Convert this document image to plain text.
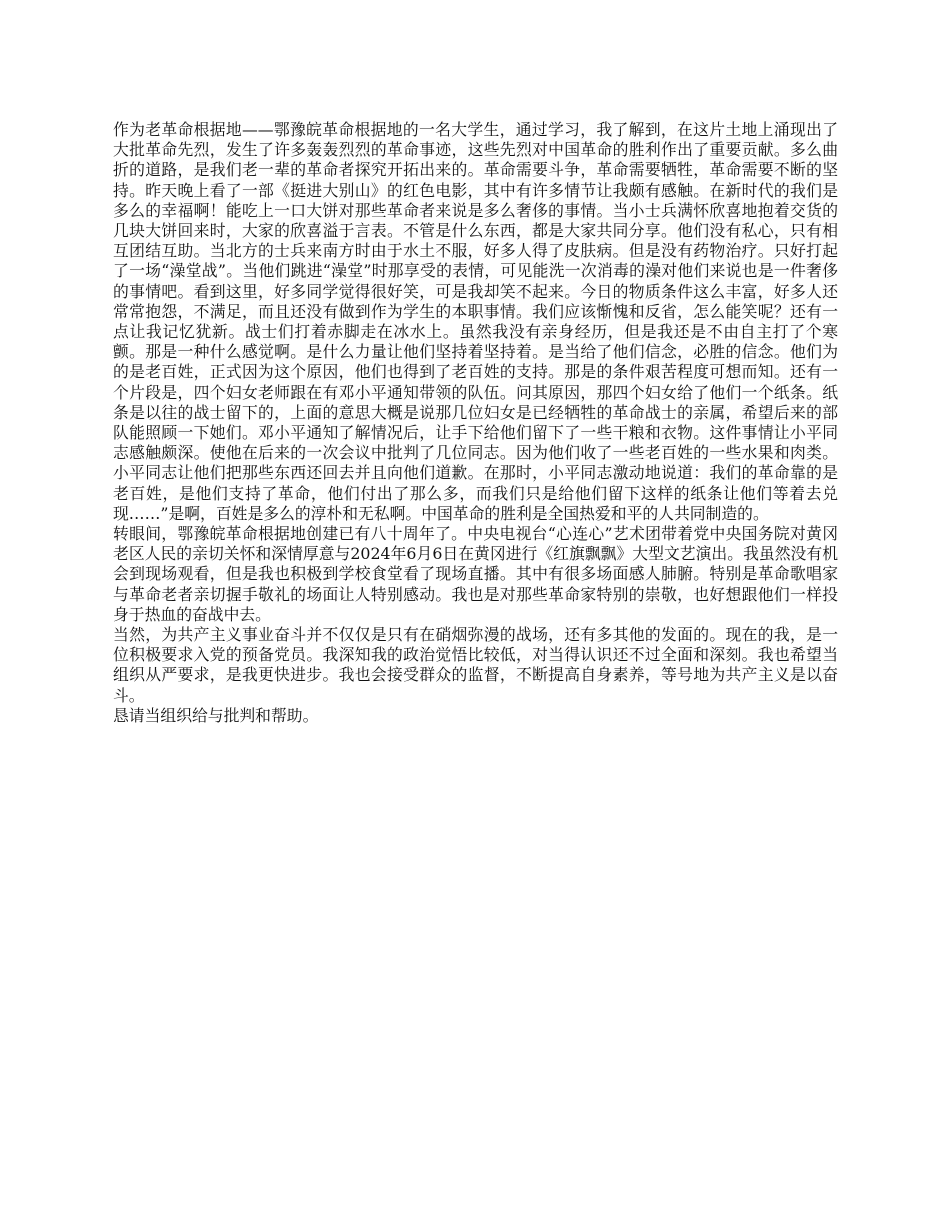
作为老革命根据地——鄂豫皖革命根据地的一名大学生，通过学习，我了解到，在这片土地上涌现出了大批革命先烈，发生了许多轰轰烈烈的革命事迹，这些先烈对中国革命的胜利作出了重要贡献。多么曲折的道路，是我们老一辈的革命者探究开拓出来的。革命需要斗争，革命需要牺牲，革命需要不断的坚持。昨天晚上看了一部《挺进大别山》的红色电影，其中有许多情节让我颇有感触。在新时代的我们是多么的幸福啊！能吃上一口大饼对那些革命者来说是多么奢侈的事情。当小士兵满怀欣喜地抱着交货的几块大饼回来时，大家的欣喜溢于言表。不管是什么东西，都是大家共同分享。他们没有私心，只有相互团结互助。当北方的士兵来南方时由于水土不服，好多人得了皮肤病。但是没有药物治疗。只好打起了一场“澡堂战”。当他们跳进“澡堂”时那享受的表情，可见能洗一次消毒的澡对他们来说也是一件奢侈的事情吧。看到这里，好多同学觉得很好笑，可是我却笑不起来。今日的物质条件这么丰富，好多人还常常抱怨，不满足，而且还没有做到作为学生的本职事情。我们应该惭愧和反省，怎么能笑呢？还有一点让我记忆犹新。战士们打着赤脚走在冰水上。虽然我没有亲身经历，但是我还是不由自主打了个寒颤。那是一种什么感觉啊。是什么力量让他们坚持着坚持着。是当给了他们信念，必胜的信念。他们为的是老百姓，正式因为这个原因，他们也得到了老百姓的支持。那是的条件艰苦程度可想而知。还有一个片段是，四个妇女老师跟在有邓小平通知带领的队伍。问其原因，那四个妇女给了他们一个纸条。纸条是以往的战士留下的，上面的意思大概是说那几位妇女是已经牺牲的革命战士的亲属，希望后来的部队能照顾一下她们。邓小平通知了解情况后，让手下给他们留下了一些干粮和衣物。这件事情让小平同志感触颇深。使他在后来的一次会议中批判了几位同志。因为他们收了一些老百姓的一些水果和肉类。小平同志让他们把那些东西还回去并且向他们道歉。在那时，小平同志激动地说道：我们的革命靠的是老百姓，是他们支持了革命，他们付出了那么多，而我们只是给他们留下这样的纸条让他们等着去兑现……”是啊，百姓是多么的淳朴和无私啊。中国革命的胜利是全国热爱和平的人共同制造的。

转眼间，鄂豫皖革命根据地创建已有八十周年了。中央电视台“心连心”艺术团带着党中央国务院对黄冈老区人民的亲切关怀和深情厚意与2024年6月6日在黄冈进行《红旗飘飘》大型文艺演出。我虽然没有机会到现场观看，但是我也积极到学校食堂看了现场直播。其中有很多场面感人肺腑。特别是革命歌唱家与革命老者亲切握手敬礼的场面让人特别感动。我也是对那些革命家特别的崇敬，也好想跟他们一样投身于热血的奋战中去。

当然，为共产主义事业奋斗并不仅仅是只有在硝烟弥漫的战场，还有多其他的发面的。现在的我，是一位积极要求入党的预备党员。我深知我的政治觉悟比较低，对当得认识还不过全面和深刻。我也希望当组织从严要求，是我更快进步。我也会接受群众的监督，不断提高自身素养，等号地为共产主义是以奋斗。

恳请当组织给与批判和帮助。
